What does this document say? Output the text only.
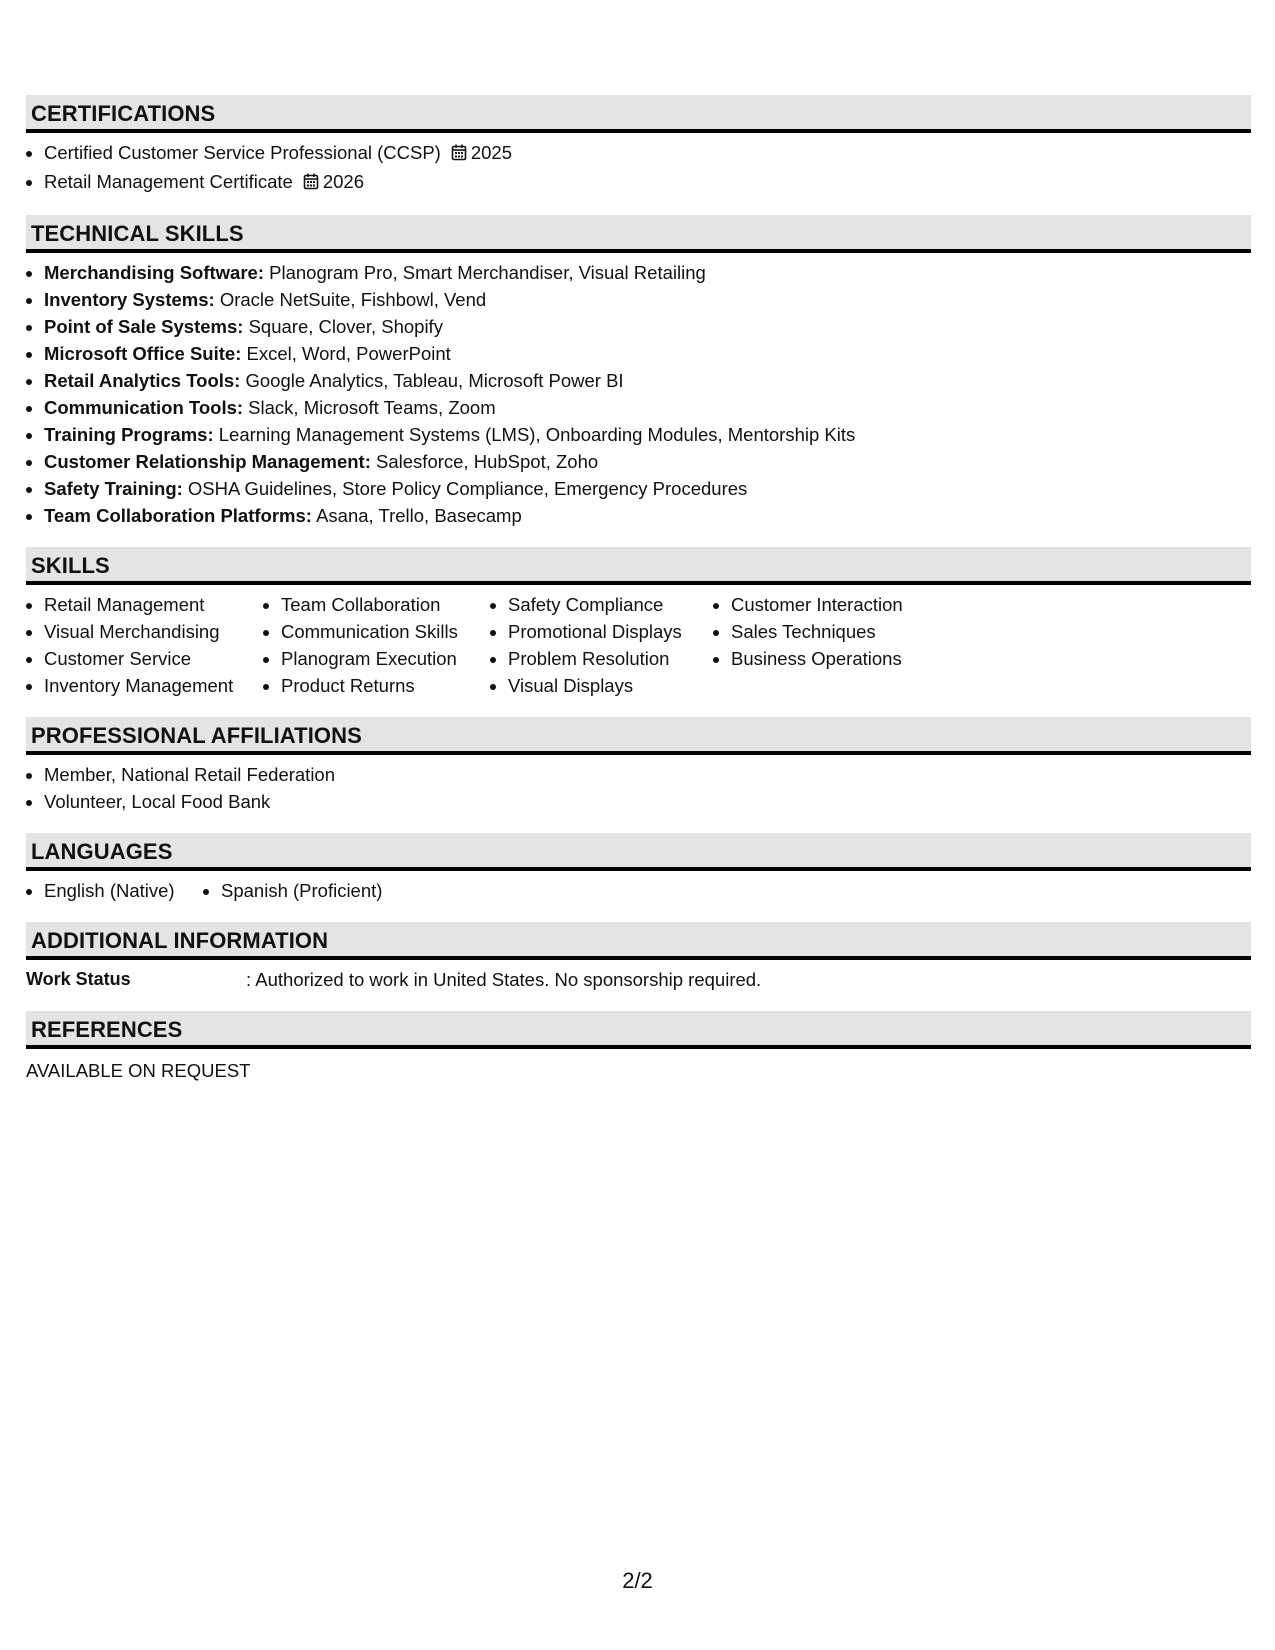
CERTIFICATIONS
• Certified Customer Service Professional (CCSP) 2025
• Retail Management Certificate 2026
TECHNICAL SKILLS
• Merchandising Software: Planogram Pro, Smart Merchandiser, Visual Retailing
• Inventory Systems: Oracle NetSuite, Fishbowl, Vend
• Point of Sale Systems: Square, Clover, Shopify
• Microsoft Office Suite: Excel, Word, PowerPoint
• Retail Analytics Tools: Google Analytics, Tableau, Microsoft Power BI
• Communication Tools: Slack, Microsoft Teams, Zoom
• Training Programs: Learning Management Systems (LMS), Onboarding Modules, Mentorship Kits
• Customer Relationship Management: Salesforce, HubSpot, Zoho
• Safety Training: OSHA Guidelines, Store Policy Compliance, Emergency Procedures
• Team Collaboration Platforms: Asana, Trello, Basecamp
SKILLS
• Retail Management
• Visual Merchandising
• Customer Service
• Inventory Management
• Team Collaboration
• Communication Skills
• Planogram Execution
• Product Returns
• Safety Compliance
• Promotional Displays
• Problem Resolution
• Visual Displays
• Customer Interaction
• Sales Techniques
• Business Operations
PROFESSIONAL AFFILIATIONS
• Member, National Retail Federation
• Volunteer, Local Food Bank
LANGUAGES
• English (Native)
•	Spanish (Proficient)
ADDITIONAL INFORMATION
Work Status	: Authorized to work in United States. No sponsorship required.
REFERENCES
AVAILABLE ON REQUEST
2/2
